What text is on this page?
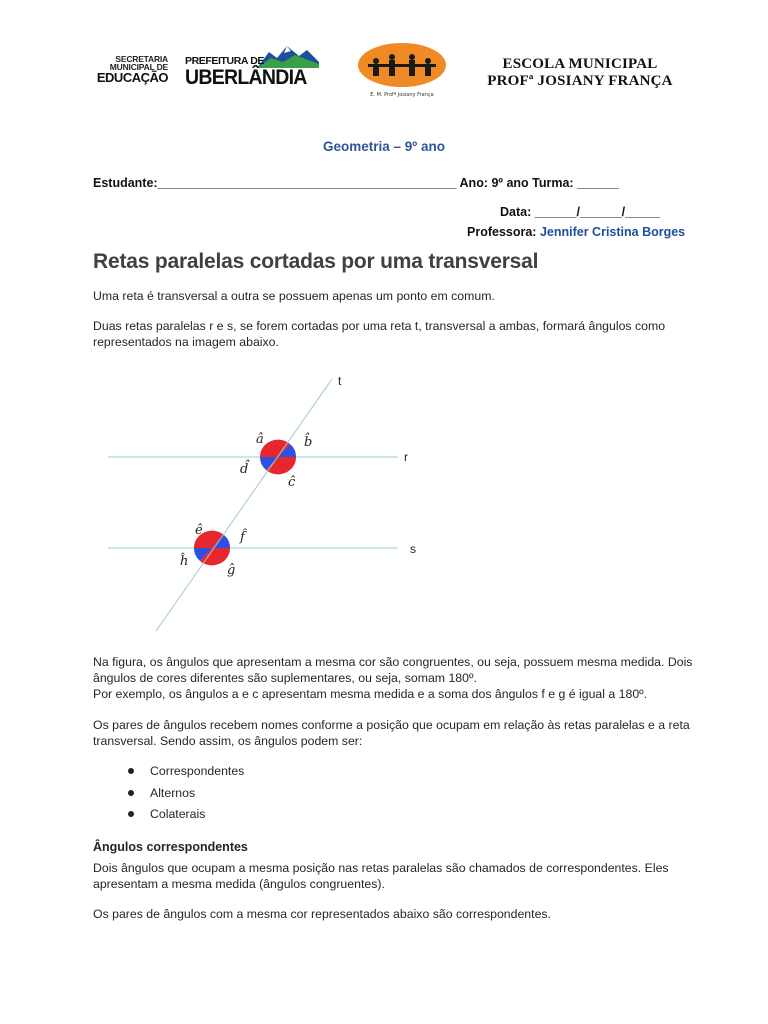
SECRETARIA
MUNICIPAL DE
EDUCAÇÃO
PREFEITURA DE
UBERLÂNDIA
E. M. Profª Josiany França
ESCOLA MUNICIPAL
PROFª JOSIANY FRANÇA
Geometria – 9º ano
Estudante:___________________________________________ Ano: 9º ano Turma: ______
Data: ______/______/_____
Professora: Jennifer Cristina Borges
Retas paralelas cortadas por uma transversal

Uma reta é transversal a outra se possuem apenas um ponto em comum.

Duas retas paralelas r e s, se forem cortadas por uma reta t, transversal a ambas, formará ângulos como representados na imagem abaixo.

t
r
s
â	b̂
ĉ
d̂
ê	f̂
ĝ
ĥ

Na figura, os ângulos que apresentam a mesma cor são congruentes, ou seja, possuem mesma medida. Dois ângulos de cores diferentes são suplementares, ou seja, somam 180º.
Por exemplo, os ângulos a e c apresentam mesma medida e a soma dos ângulos f e g é igual a 180º.

Os pares de ângulos recebem nomes conforme a posição que ocupam em relação às retas paralelas e a reta transversal. Sendo assim, os ângulos podem ser:

Correspondentes
Alternos
Colaterais
Ângulos correspondentes

Dois ângulos que ocupam a mesma posição nas retas paralelas são chamados de correspondentes. Eles apresentam a mesma medida (ângulos congruentes).

Os pares de ângulos com a mesma cor representados abaixo são correspondentes.
